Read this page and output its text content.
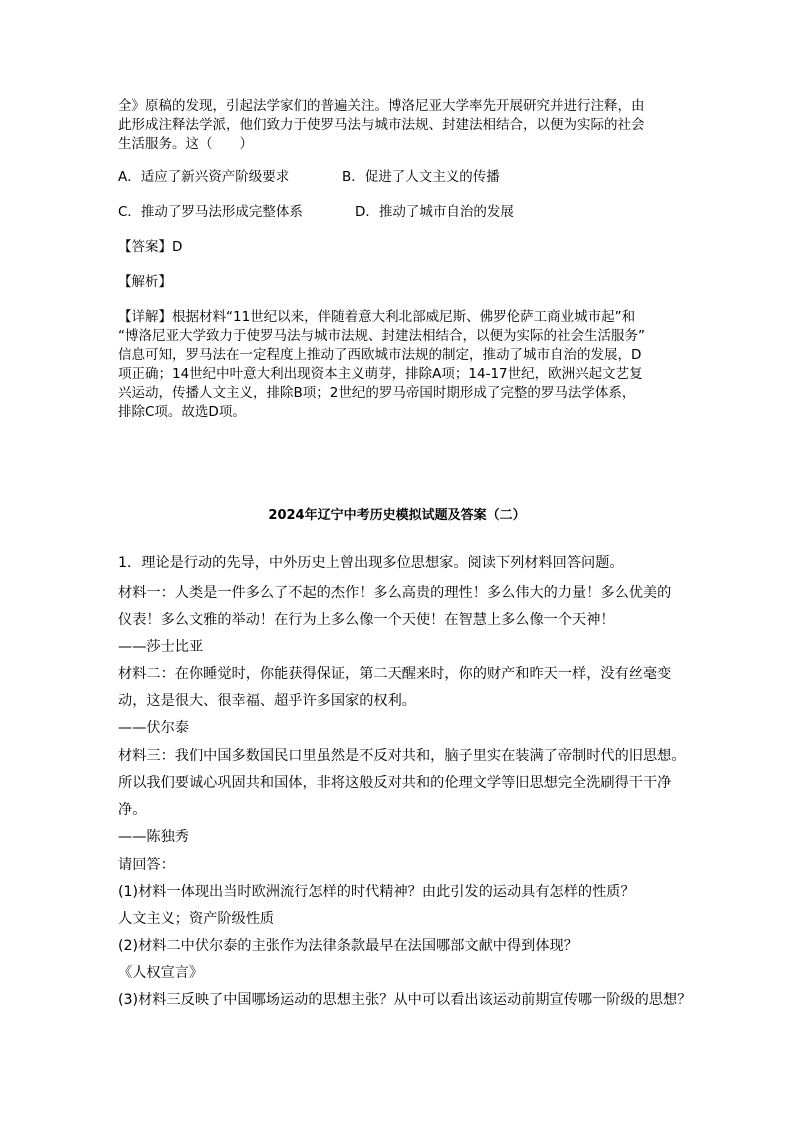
全》原稿的发现，引起法学家们的普遍关注。博洛尼亚大学率先开展研究并进行注释，由
此形成注释法学派，他们致力于使罗马法与城市法规、封建法相结合，以便为实际的社会
生活服务。这（　　）
A．适应了新兴资产阶级要求	B．促进了人文主义的传播
C．推动了罗马法形成完整体系	D．推动了城市自治的发展
【答案】D
【解析】
【详解】根据材料“11世纪以来，伴随着意大利北部威尼斯、佛罗伦萨工商业城市起”和
“博洛尼亚大学致力于使罗马法与城市法规、封建法相结合，以便为实际的社会生活服务”
信息可知，罗马法在一定程度上推动了西欧城市法规的制定，推动了城市自治的发展，D
项正确；14世纪中叶意大利出现资本主义萌芽，排除A项；14-17世纪，欧洲兴起文艺复
兴运动，传播人文主义，排除B项；2世纪的罗马帝国时期形成了完整的罗马法学体系，
排除C项。故选D项。
2024年辽宁中考历史模拟试题及答案（二）
1．理论是行动的先导，中外历史上曾出现多位思想家。阅读下列材料回答问题。
材料一：人类是一件多么了不起的杰作！多么高贵的理性！多么伟大的力量！多么优美的
仪表！多么文雅的举动！在行为上多么像一个天使！在智慧上多么像一个天神！
——莎士比亚
材料二：在你睡觉时，你能获得保证，第二天醒来时，你的财产和昨天一样，没有丝毫变
动，这是很大、很幸福、超乎许多国家的权利。
——伏尔泰
材料三：我们中国多数国民口里虽然是不反对共和，脑子里实在装满了帝制时代的旧思想。
所以我们要诚心巩固共和国体，非将这般反对共和的伦理文学等旧思想完全洗刷得干干净
净。
——陈独秀
请回答：
(1)材料一体现出当时欧洲流行怎样的时代精神？由此引发的运动具有怎样的性质？
人文主义；资产阶级性质
(2)材料二中伏尔泰的主张作为法律条款最早在法国哪部文献中得到体现？
《人权宣言》
(3)材料三反映了中国哪场运动的思想主张？从中可以看出该运动前期宣传哪一阶级的思想？
